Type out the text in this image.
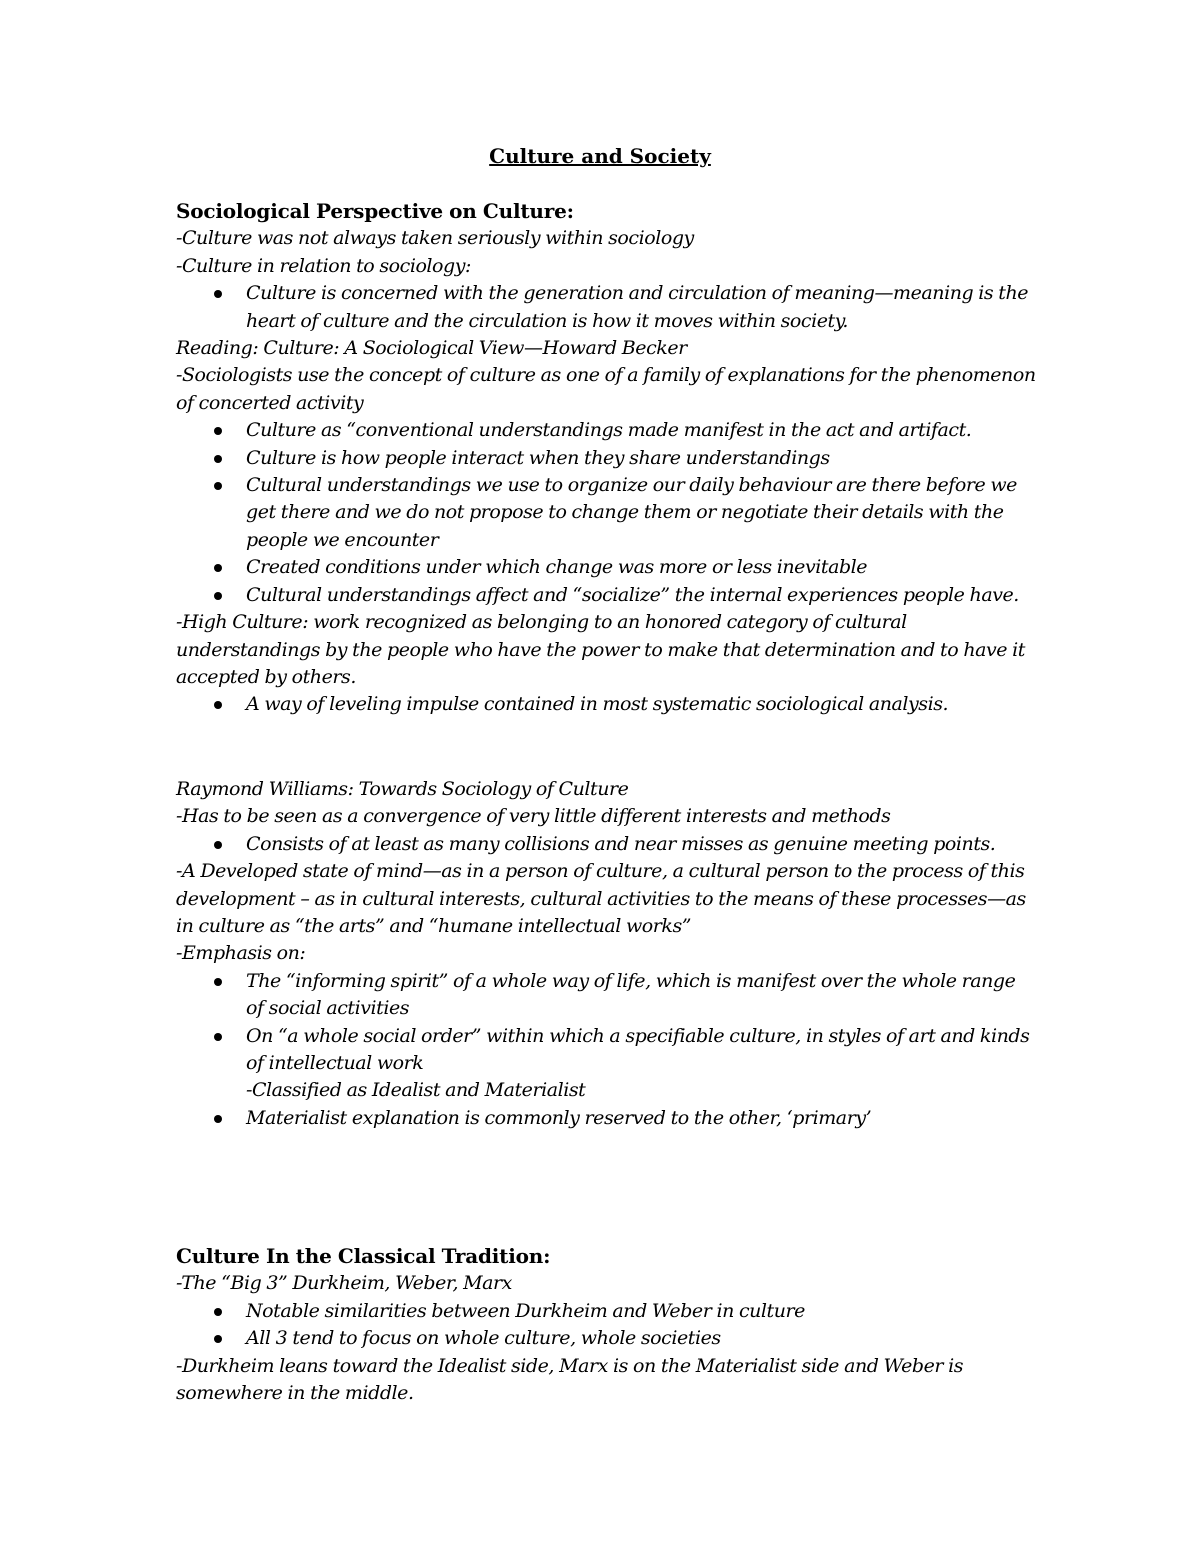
Culture and Society
Sociological Perspective on Culture:
-Culture was not always taken seriously within sociology
-Culture in relation to sociology:
Culture is concerned with the generation and circulation of meaning—meaning is the heart of culture and the circulation is how it moves within society.
Reading: Culture: A Sociological View—Howard Becker
-Sociologists use the concept of culture as one of a family of explanations for the phenomenon of concerted activity
Culture as “conventional understandings made manifest in the act and artifact.
Culture is how people interact when they share understandings
Cultural understandings we use to organize our daily behaviour are there before we get there and we do not propose to change them or negotiate their details with the people we encounter
Created conditions under which change was more or less inevitable
Cultural understandings affect and “socialize” the internal experiences people have.
-High Culture: work recognized as belonging to an honored category of cultural understandings by the people who have the power to make that determination and to have it accepted by others.
A way of leveling impulse contained in most systematic sociological analysis.
Raymond Williams: Towards Sociology of Culture
-Has to be seen as a convergence of very little different interests and methods
Consists of at least as many collisions and near misses as genuine meeting points.
-A Developed state of mind—as in a person of culture, a cultural person to the process of this development – as in cultural interests, cultural activities to the means of these processes—as in culture as “the arts” and “humane intellectual works”
-Emphasis on:
The “informing spirit” of a whole way of life, which is manifest over the whole range of social activities
On “a whole social order” within which a specifiable culture, in styles of art and kinds of intellectual work
-Classified as Idealist and Materialist
Materialist explanation is commonly reserved to the other, ‘primary’
Culture In the Classical Tradition:
-The “Big 3” Durkheim, Weber, Marx
Notable similarities between Durkheim and Weber in culture
All 3 tend to focus on whole culture, whole societies
-Durkheim leans toward the Idealist side, Marx is on the Materialist side and Weber is somewhere in the middle.
